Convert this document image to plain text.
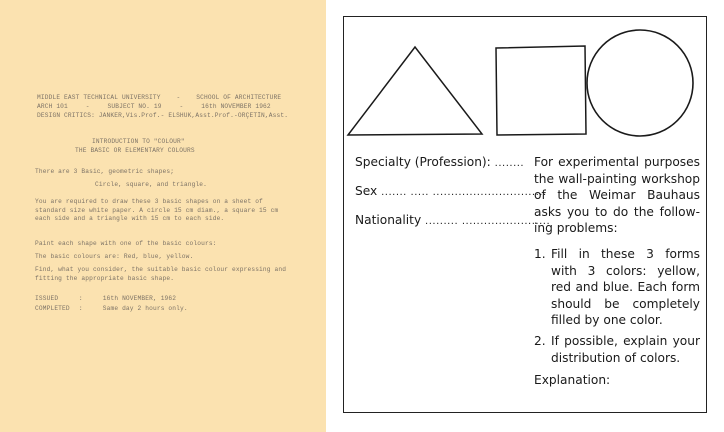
MIDDLE EAST TECHNICAL UNIVERSITY	-	SCHOOL OF ARCHITECTURE
ARCH 101	-	SUBJECT NO. 19	-	16th NOVEMBER 1962
DESIGN CRITICS: JANKER,Vis.Prof.- ELSHUK,Asst.Prof.-ORÇETİN,Asst.
INTRODUCTION TO "COLOUR"
THE BASIC OR ELEMENTARY COLOURS
There are 3 Basic, geometric shapes;
Circle, square, and triangle.
You are required to draw these 3 basic shapes on a sheet of standard size white paper. A circle 15 cm diam., a square 15 cm each side and a triangle with 15 cm to each side.
Paint each shape with one of the basic colours:
The basic colours are: Red, blue, yellow.
Find, what you consider, the suitable basic colour expressing and fitting the appropriate basic shape.
ISSUED	:	16th NOVEMBER, 1962
COMPLETED :	Same day 2 hours only.
Specialty (Profession): ........
Sex ....... ..... ...............................
Nationality ......... ........................
For experimental purposes
the wall-painting workshop
of the Weimar Bauhaus
asks you to do the follow-
ing problems:
1. Fill in these 3 forms
with 3 colors: yellow,
red and blue. Each form
should be completely
filled by one color.
2. If possible, explain your
distribution of colors.
Explanation:
